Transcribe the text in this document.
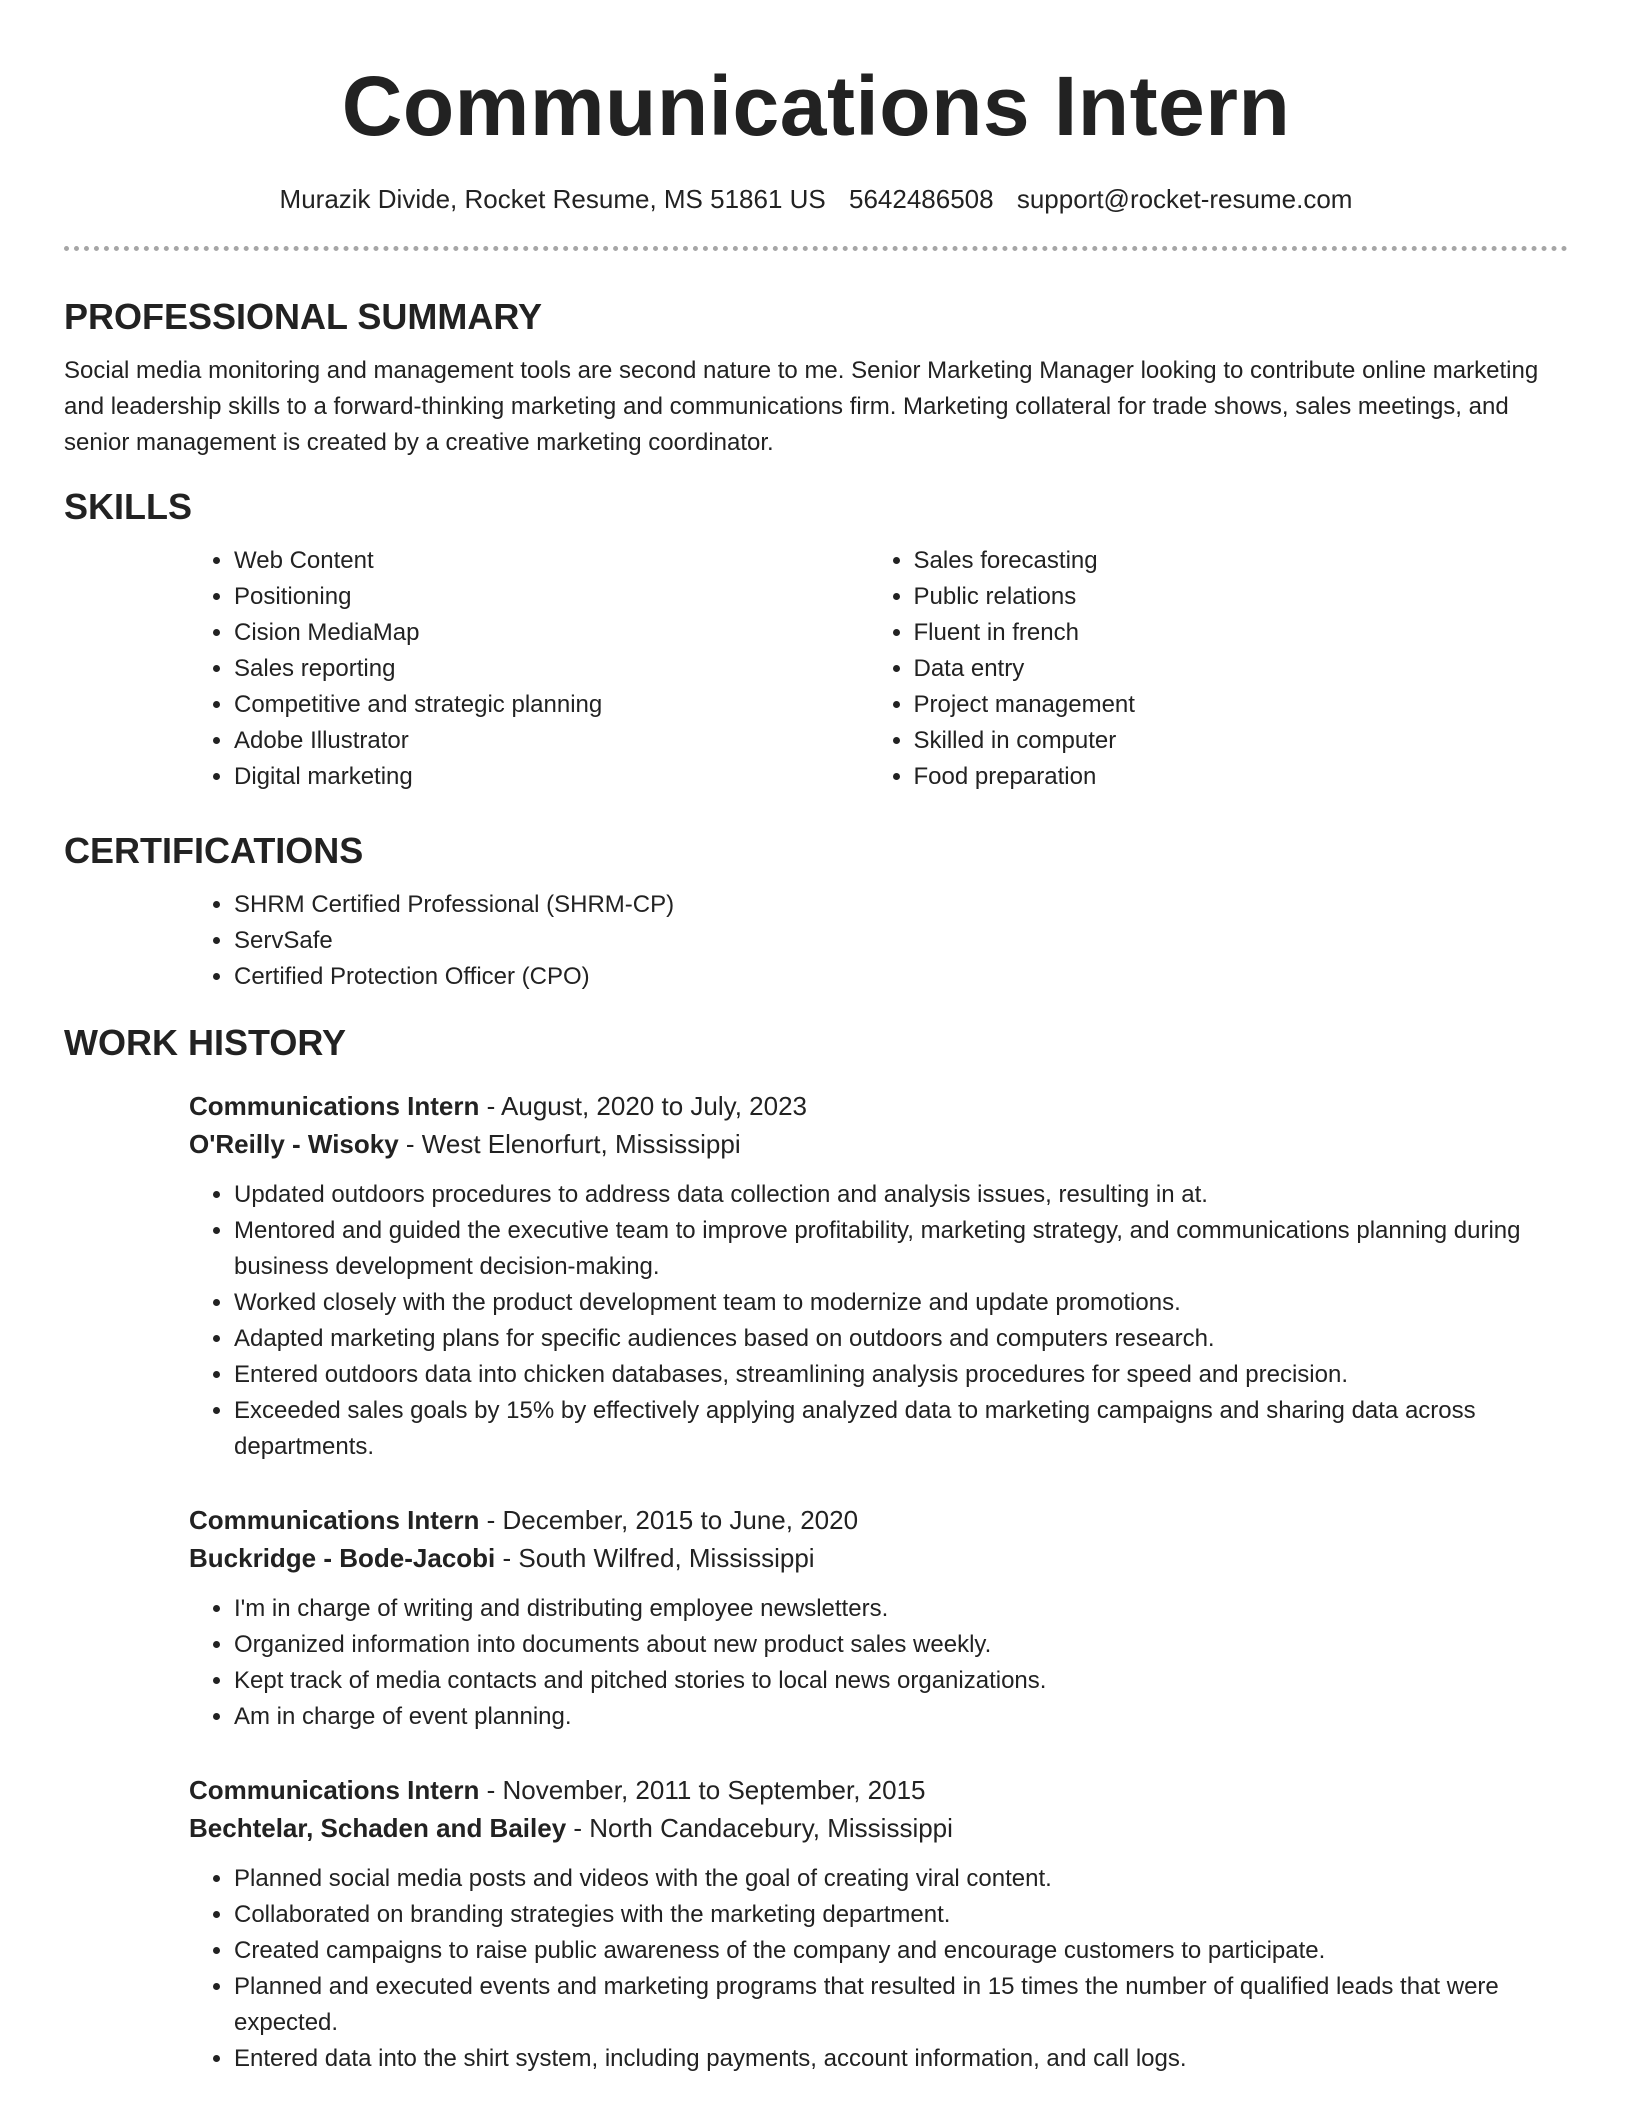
Communications Intern
Murazik Divide, Rocket Resume, MS 51861 US 5642486508 support@rocket-resume.com
PROFESSIONAL SUMMARY

Social media monitoring and management tools are second nature to me. Senior Marketing Manager looking to contribute online marketing and leadership skills to a forward-thinking marketing and communications firm. Marketing collateral for trade shows, sales meetings, and senior management is created by a creative marketing coordinator.

SKILLS
• Web Content
• Positioning
• Cision MediaMap
• Sales reporting
• Competitive and strategic planning
• Adobe Illustrator
• Digital marketing
• Sales forecasting
• Public relations
• Fluent in french
• Data entry
• Project management
• Skilled in computer
• Food preparation
CERTIFICATIONS
• SHRM Certified Professional (SHRM-CP)
• ServSafe
• Certified Protection Officer (CPO)
WORK HISTORY
Communications Intern - August, 2020 to July, 2023
O'Reilly - Wisoky - West Elenorfurt, Mississippi
• Updated outdoors procedures to address data collection and analysis issues, resulting in at.
• Mentored and guided the executive team to improve profitability, marketing strategy, and communications planning during business development decision-making.
• Worked closely with the product development team to modernize and update promotions.
• Adapted marketing plans for specific audiences based on outdoors and computers research.
• Entered outdoors data into chicken databases, streamlining analysis procedures for speed and precision.
• Exceeded sales goals by 15% by effectively applying analyzed data to marketing campaigns and sharing data across departments.
Communications Intern - December, 2015 to June, 2020
Buckridge - Bode-Jacobi - South Wilfred, Mississippi
• I'm in charge of writing and distributing employee newsletters.
• Organized information into documents about new product sales weekly.
• Kept track of media contacts and pitched stories to local news organizations.
• Am in charge of event planning.
Communications Intern - November, 2011 to September, 2015
Bechtelar, Schaden and Bailey - North Candacebury, Mississippi
• Planned social media posts and videos with the goal of creating viral content.
• Collaborated on branding strategies with the marketing department.
• Created campaigns to raise public awareness of the company and encourage customers to participate.
• Planned and executed events and marketing programs that resulted in 15 times the number of qualified leads that were expected.
• Entered data into the shirt system, including payments, account information, and call logs.
